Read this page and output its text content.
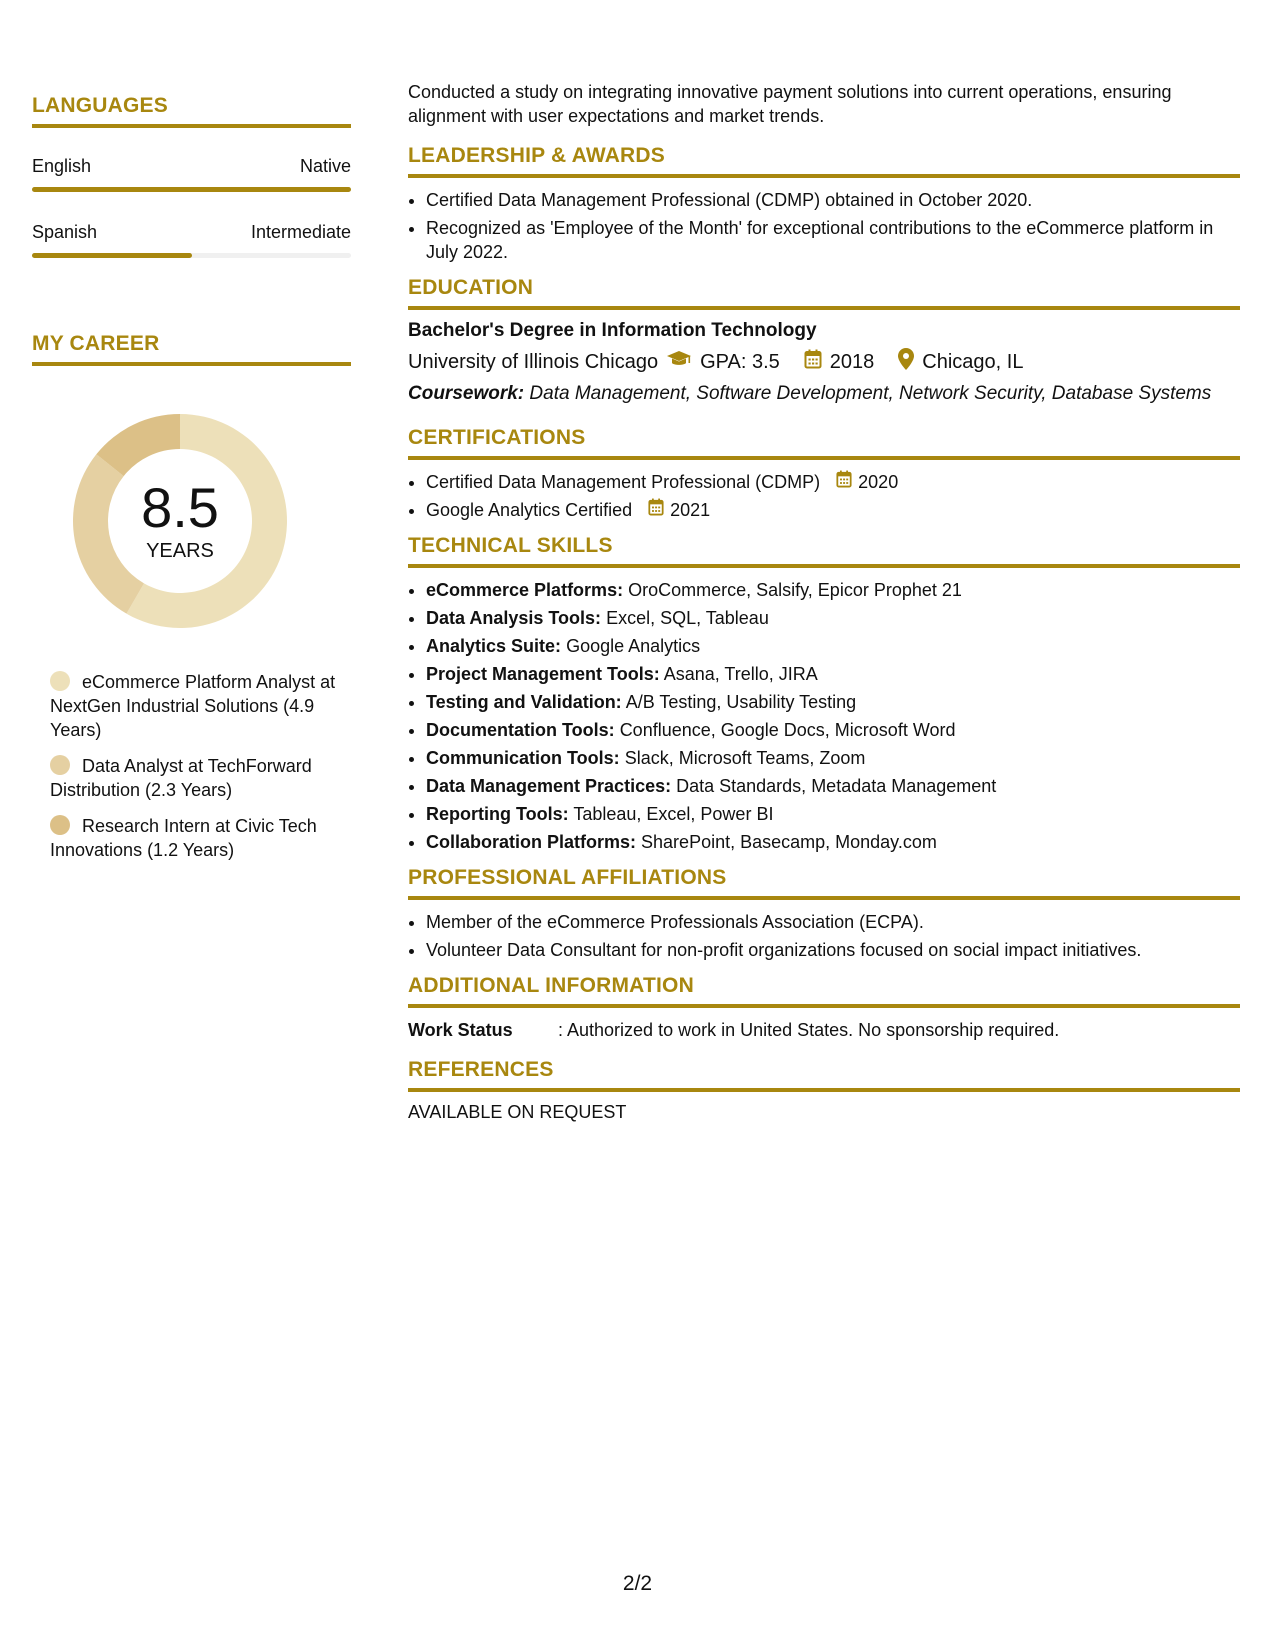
LANGUAGES
English	Native
Spanish	Intermediate
MY CAREER
8.5
YEARS
eCommerce Platform Analyst at NextGen Industrial Solutions (4.9 Years)
Data Analyst at TechForward Distribution (2.3 Years)
Research Intern at Civic Tech Innovations (1.2 Years)

Conducted a study on integrating innovative payment solutions into current operations, ensuring alignment with user expectations and market trends.

LEADERSHIP & AWARDS
• Certified Data Management Professional (CDMP) obtained in October 2020.
• Recognized as 'Employee of the Month' for exceptional contributions to the eCommerce platform in July 2022.
EDUCATION
Bachelor's Degree in Information Technology
University of Illinois Chicago GPA: 3.5	2018 Chicago, IL
Coursework: Data Management, Software Development, Network Security, Database Systems
CERTIFICATIONS
• Certified Data Management Professional (CDMP) 2020
• Google Analytics Certified 2021
TECHNICAL SKILLS
• eCommerce Platforms: OroCommerce, Salsify, Epicor Prophet 21
• Data Analysis Tools: Excel, SQL, Tableau
• Analytics Suite: Google Analytics
• Project Management Tools: Asana, Trello, JIRA
• Testing and Validation: A/B Testing, Usability Testing
• Documentation Tools: Confluence, Google Docs, Microsoft Word
• Communication Tools: Slack, Microsoft Teams, Zoom
• Data Management Practices: Data Standards, Metadata Management
• Reporting Tools: Tableau, Excel, Power BI
• Collaboration Platforms: SharePoint, Basecamp, Monday.com
PROFESSIONAL AFFILIATIONS
• Member of the eCommerce Professionals Association (ECPA).
• Volunteer Data Consultant for non-profit organizations focused on social impact initiatives.
ADDITIONAL INFORMATION
Work Status	: Authorized to work in United States. No sponsorship required.
REFERENCES
AVAILABLE ON REQUEST
2/2
